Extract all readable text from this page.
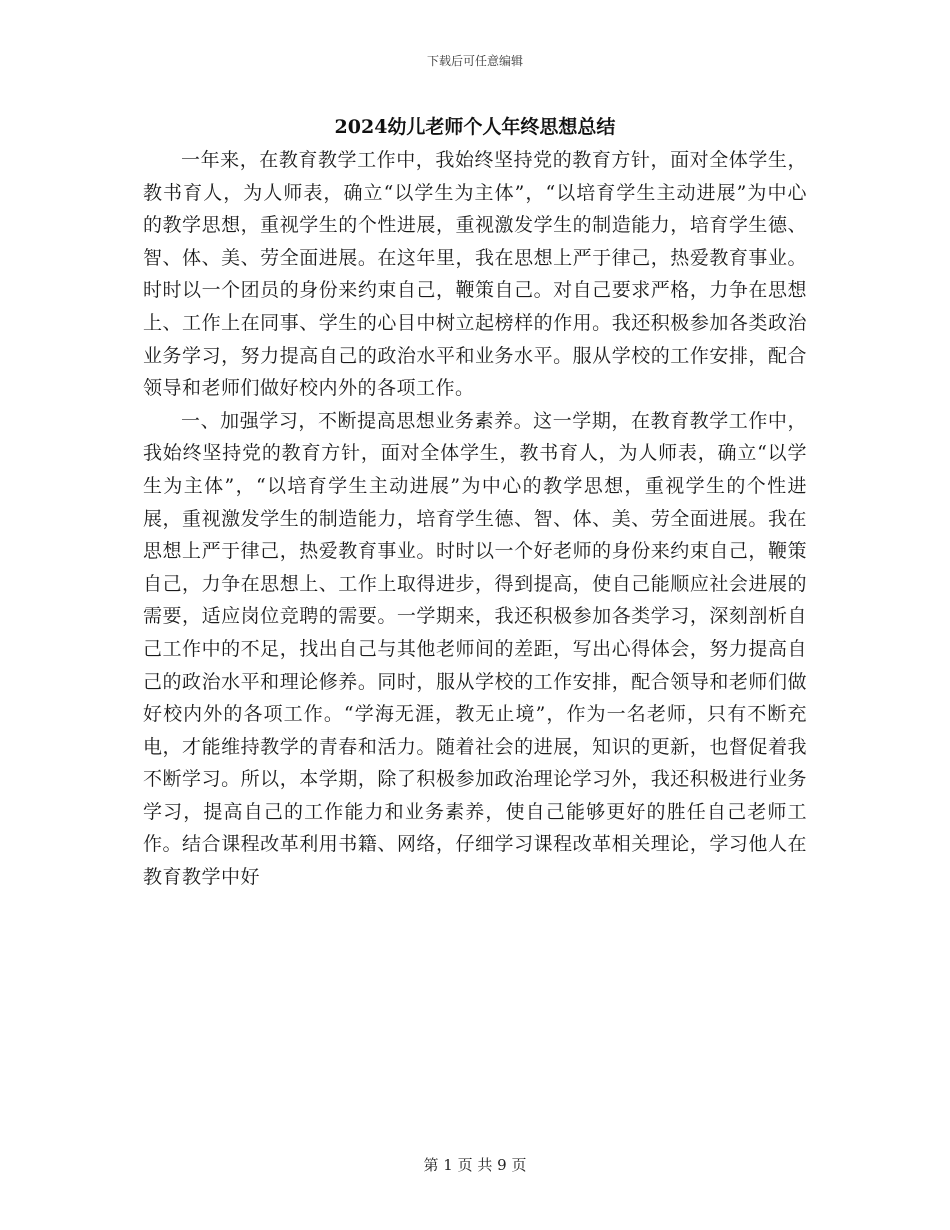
下载后可任意编辑
2024幼儿老师个人年终思想总结

一年来，在教育教学工作中，我始终坚持党的教育方针，面对全体学生，教书育人，为人师表，确立“以学生为主体”，“以培育学生主动进展”为中心的教学思想，重视学生的个性进展，重视激发学生的制造能力，培育学生德、智、体、美、劳全面进展。在这年里，我在思想上严于律己，热爱教育事业。时时以一个团员的身份来约束自己，鞭策自己。对自己要求严格，力争在思想上、工作上在同事、学生的心目中树立起榜样的作用。我还积极参加各类政治业务学习，努力提高自己的政治水平和业务水平。服从学校的工作安排，配合领导和老师们做好校内外的各项工作。

一、加强学习，不断提高思想业务素养。这一学期，在教育教学工作中，我始终坚持党的教育方针，面对全体学生，教书育人，为人师表，确立“以学生为主体”，“以培育学生主动进展”为中心的教学思想，重视学生的个性进展，重视激发学生的制造能力，培育学生德、智、体、美、劳全面进展。我在思想上严于律己，热爱教育事业。时时以一个好老师的身份来约束自己，鞭策自己，力争在思想上、工作上取得进步，得到提高，使自己能顺应社会进展的需要，适应岗位竞聘的需要。一学期来，我还积极参加各类学习，深刻剖析自己工作中的不足，找出自己与其他老师间的差距，写出心得体会，努力提高自己的政治水平和理论修养。同时，服从学校的工作安排，配合领导和老师们做好校内外的各项工作。“学海无涯，教无止境”，作为一名老师，只有不断充电，才能维持教学的青春和活力。随着社会的进展，知识的更新，也督促着我不断学习。所以，本学期，除了积极参加政治理论学习外，我还积极进行业务学习，提高自己的工作能力和业务素养，使自己能够更好的胜任自己老师工作。结合课程改革利用书籍、网络，仔细学习课程改革相关理论，学习他人在教育教学中好

第 1 页 共 9 页
